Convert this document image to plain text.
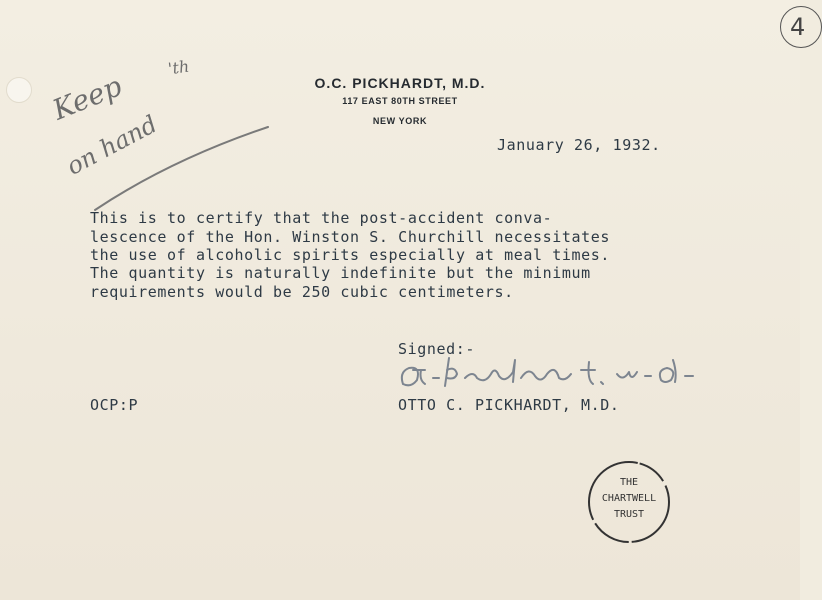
4
O.C. PICKHARDT, M.D.
117 EAST 80TH STREET
NEW YORK
Keep
on hand
'th
January 26, 1932.
This is to certify that the post-accident conva-
lescence of the Hon. Winston S. Churchill necessitates
the use of alcoholic spirits especially at meal times.
The quantity is naturally indefinite but the minimum
requirements would be 250 cubic centimeters.
Signed:-
OCP:P	OTTO C. PICKHARDT, M.D.
THE
CHARTWELL
TRUST
